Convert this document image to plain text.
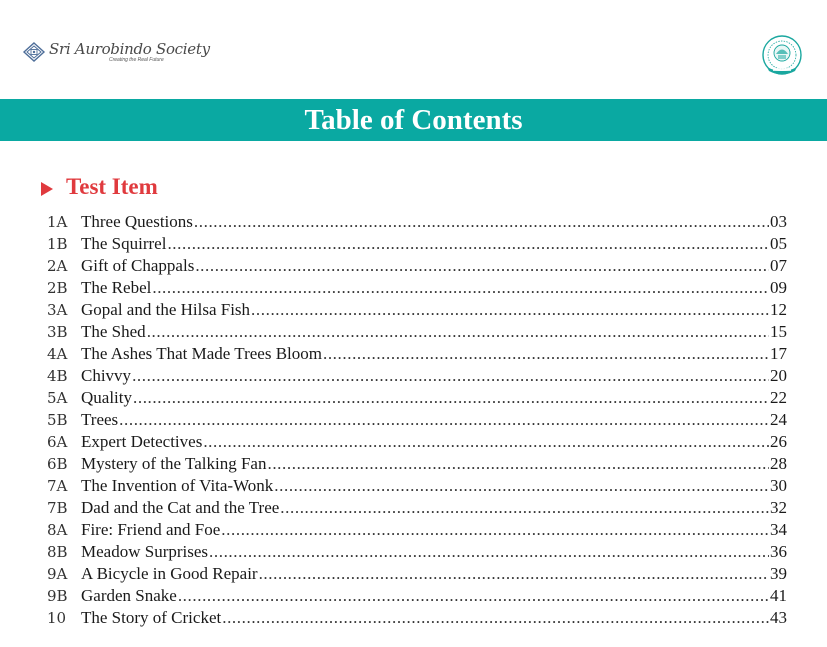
Sri Aurobindo Society
Creating the Real Future
Table of Contents
Test Item
1A Three Questions .....	03
1B The Squirrel .....	05
2A Gift of Chappals .....	07
2B The Rebel .....	09
3A Gopal and the Hilsa Fish .....	12
3B The Shed .....	15
4A The Ashes That Made Trees Bloom .....	17
4B Chivvy .....	20
5A Quality .....	22
5B Trees .....	24
6A Expert Detectives .....	26
6B Mystery of the Talking Fan .....	28
7A The Invention of Vita-Wonk .....	30
7B Dad and the Cat and the Tree .....	32
8A Fire: Friend and Foe .....	34
8B Meadow Surprises .....	36
9A A Bicycle in Good Repair .....	39
9B Garden Snake .....	41
10 The Story of Cricket .....	43
